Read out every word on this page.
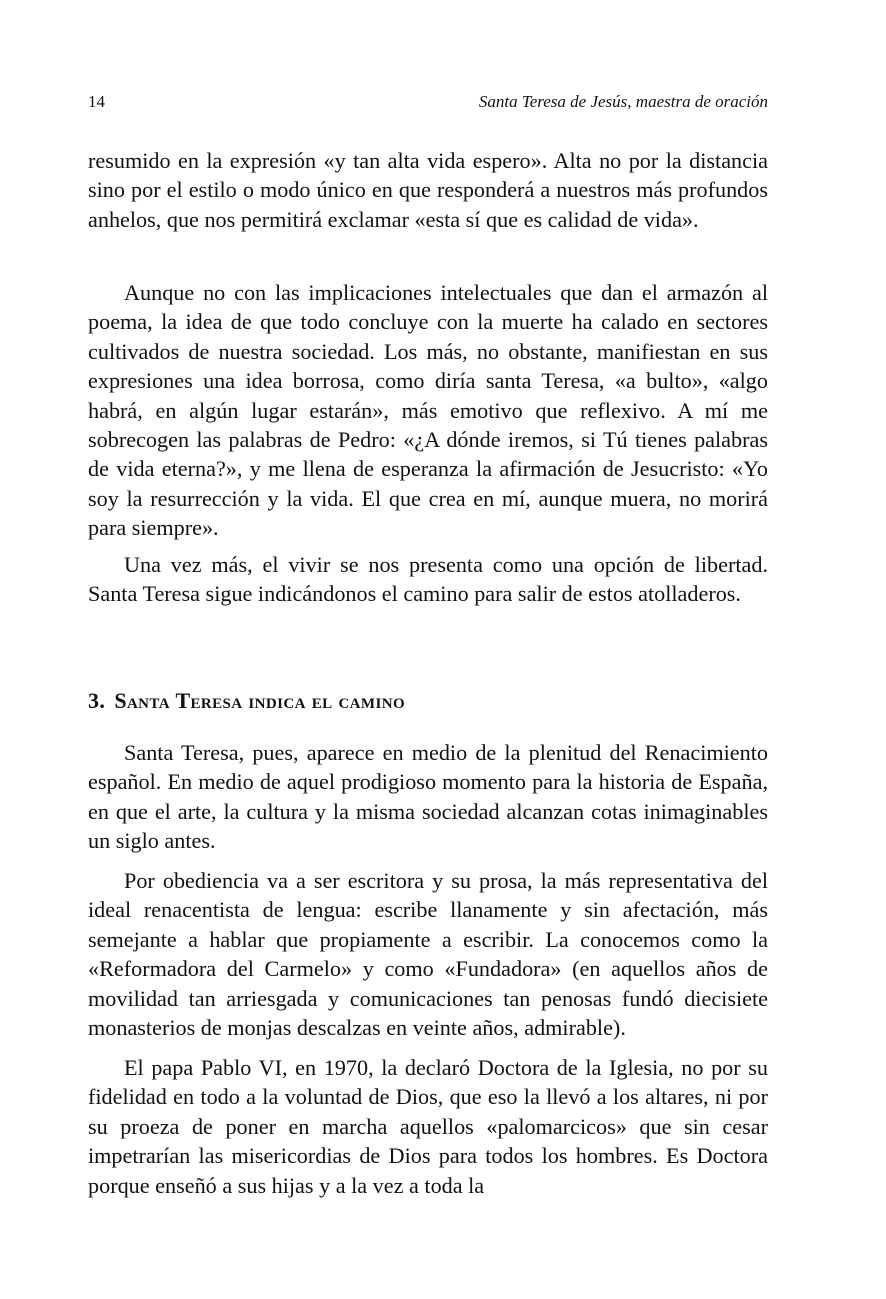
14	Santa Teresa de Jesús, maestra de oración

resumido en la expresión «y tan alta vida espero». Alta no por la distancia sino por el estilo o modo único en que responderá a nuestros más profundos anhelos, que nos permitirá exclamar «esta sí que es calidad de vida».

Aunque no con las implicaciones intelectuales que dan el armazón al poema, la idea de que todo concluye con la muerte ha calado en sectores cultivados de nuestra sociedad. Los más, no obstante, manifiestan en sus expresiones una idea borrosa, como diría santa Teresa, «a bulto», «algo habrá, en algún lugar estarán», más emotivo que reflexivo. A mí me sobrecogen las palabras de Pedro: «¿A dónde iremos, si Tú tienes palabras de vida eterna?», y me llena de esperanza la afirmación de Jesucristo: «Yo soy la resurrección y la vida. El que crea en mí, aunque muera, no morirá para siempre».

Una vez más, el vivir se nos presenta como una opción de libertad. Santa Teresa sigue indicándonos el camino para salir de estos atolladeros.

3. Santa Teresa indica el camino

Santa Teresa, pues, aparece en medio de la plenitud del Renacimiento español. En medio de aquel prodigioso momento para la historia de España, en que el arte, la cultura y la misma sociedad alcanzan cotas inimaginables un siglo antes.

Por obediencia va a ser escritora y su prosa, la más representativa del ideal renacentista de lengua: escribe llanamente y sin afectación, más semejante a hablar que propiamente a escribir. La conocemos como la «Reformadora del Carmelo» y como «Fundadora» (en aquellos años de movilidad tan arriesgada y comunicaciones tan penosas fundó diecisiete monasterios de monjas descalzas en veinte años, admirable).

El papa Pablo VI, en 1970, la declaró Doctora de la Iglesia, no por su fidelidad en todo a la voluntad de Dios, que eso la llevó a los altares, ni por su proeza de poner en marcha aquellos «palomarcicos» que sin cesar impetrarían las misericordias de Dios para todos los hombres. Es Doctora porque enseñó a sus hijas y a la vez a toda la
